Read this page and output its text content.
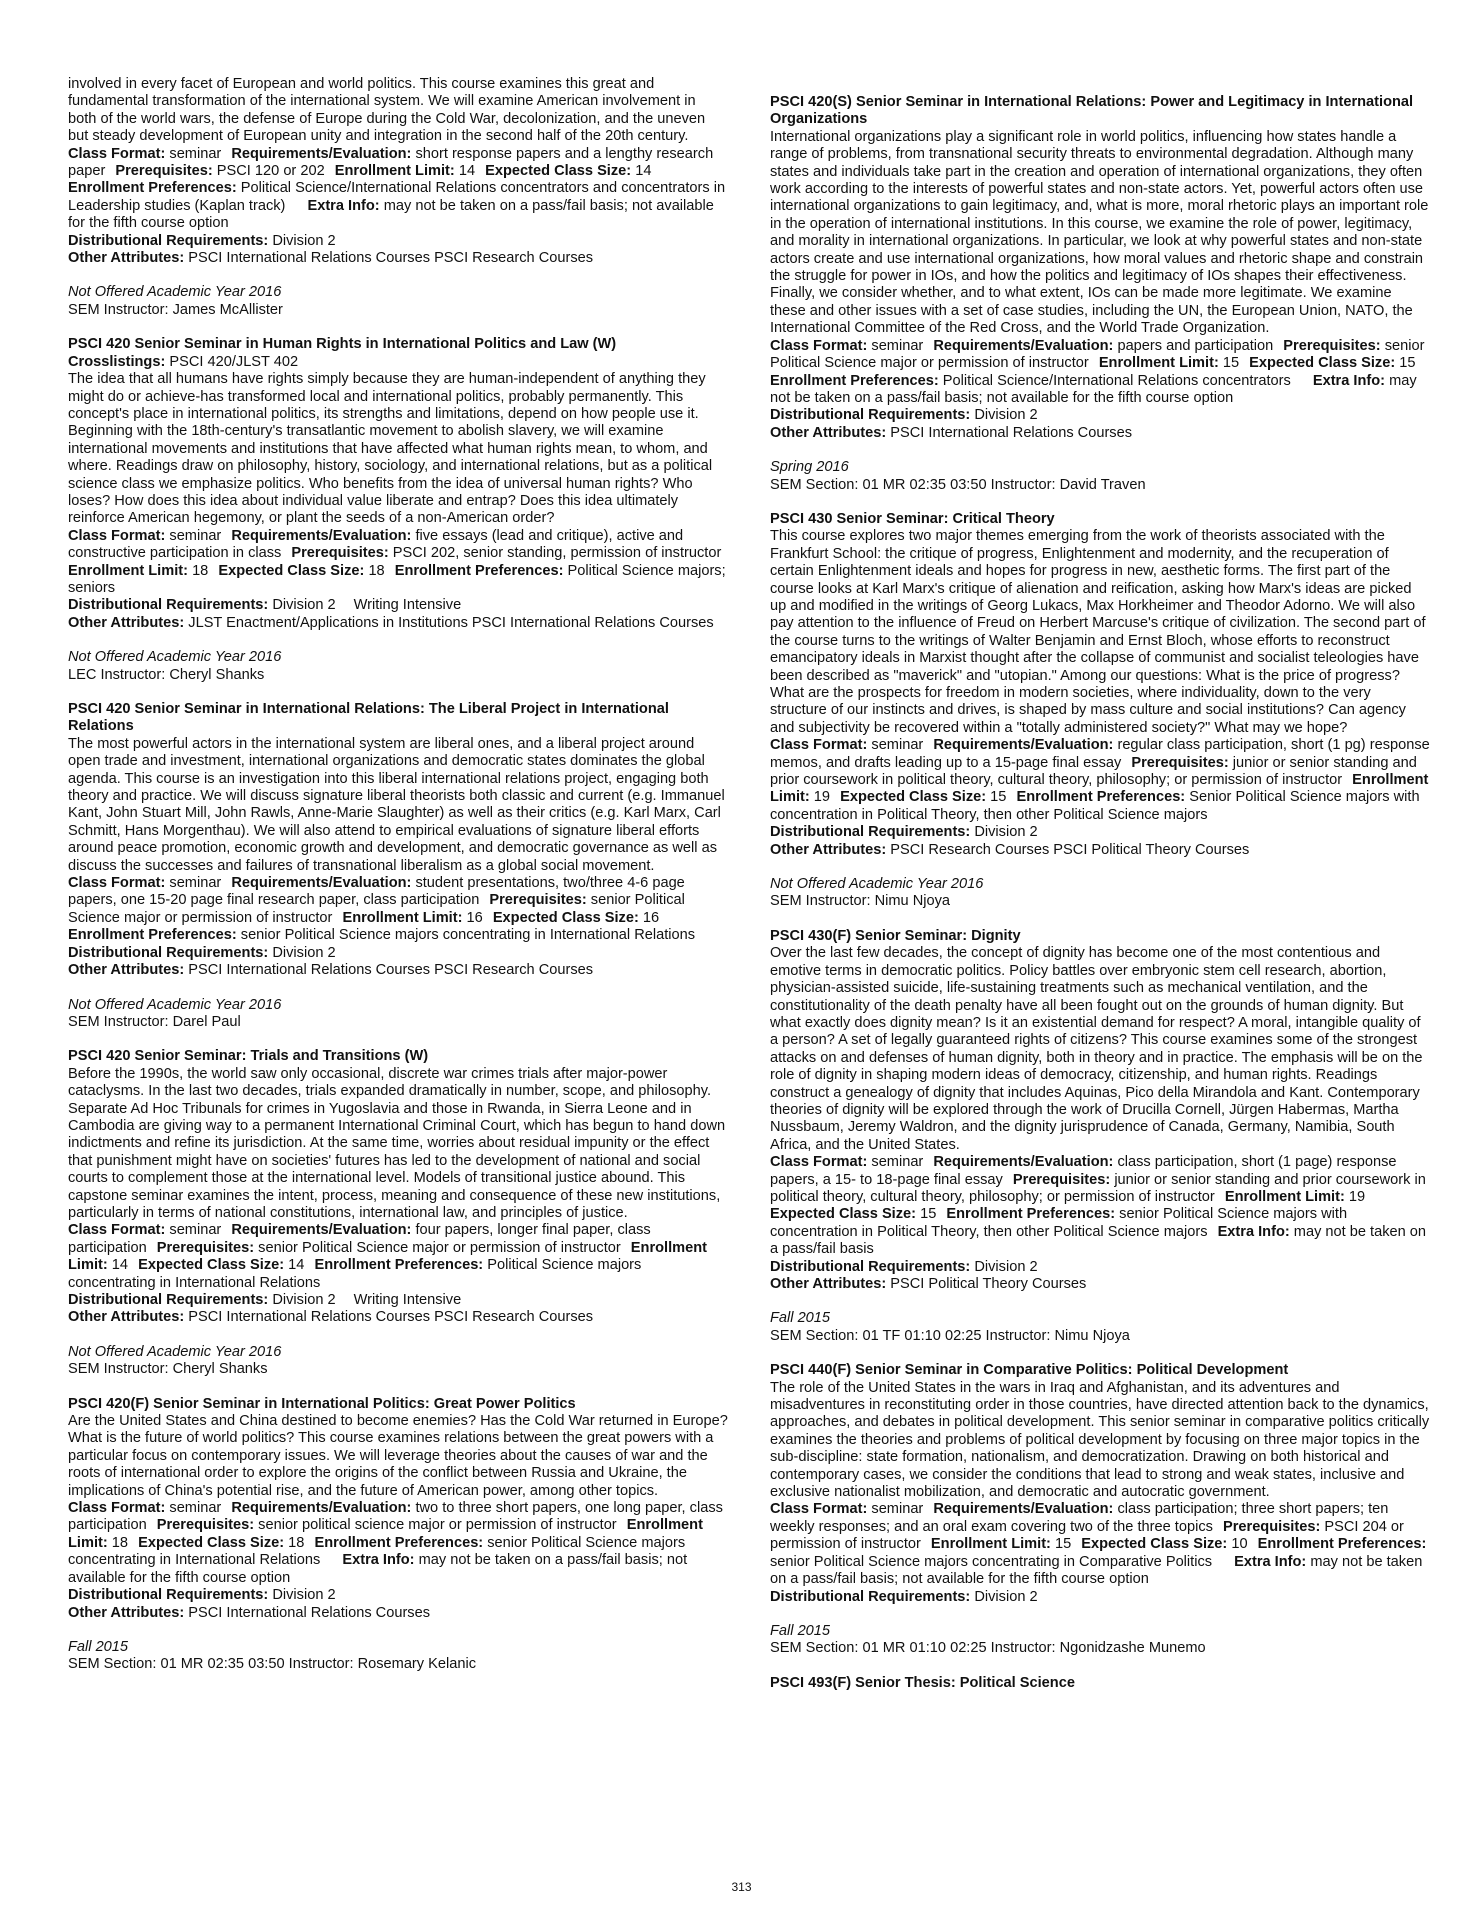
involved in every facet of European and world politics. This course examines this great and fundamental transformation of the international system. We will examine American involvement in both of the world wars, the defense of Europe during the Cold War, decolonization, and the uneven but steady development of European unity and integration in the second half of the 20th century.

Class Format: seminar Requirements/Evaluation: short response papers and a lengthy research paper Prerequisites: PSCI 120 or 202 Enrollment Limit: 14 Expected Class Size: 14 Enrollment Preferences: Political Science/International Relations concentrators and concentrators in Leadership studies (Kaplan track) Extra Info: may not be taken on a pass/fail basis; not available for the fifth course option

Distributional Requirements: Division 2

Other Attributes: PSCI International Relations Courses PSCI Research Courses

Not Offered Academic Year 2016

SEM Instructor: James McAllister

PSCI 420 Senior Seminar in Human Rights in International Politics and Law (W)

Crosslistings: PSCI 420/JLST 402

The idea that all humans have rights simply because they are human-independent of anything they might do or achieve-has transformed local and international politics, probably permanently. This concept's place in international politics, its strengths and limitations, depend on how people use it. Beginning with the 18th-century's transatlantic movement to abolish slavery, we will examine international movements and institutions that have affected what human rights mean, to whom, and where. Readings draw on philosophy, history, sociology, and international relations, but as a political science class we emphasize politics. Who benefits from the idea of universal human rights? Who loses? How does this idea about individual value liberate and entrap? Does this idea ultimately reinforce American hegemony, or plant the seeds of a non-American order?

Class Format: seminar Requirements/Evaluation: five essays (lead and critique), active and constructive participation in class Prerequisites: PSCI 202, senior standing, permission of instructor Enrollment Limit: 18 Expected Class Size: 18 Enrollment Preferences: Political Science majors; seniors

Distributional Requirements: Division 2 Writing Intensive

Other Attributes: JLST Enactment/Applications in Institutions PSCI International Relations Courses

Not Offered Academic Year 2016

LEC Instructor: Cheryl Shanks

PSCI 420 Senior Seminar in International Relations: The Liberal Project in International Relations

The most powerful actors in the international system are liberal ones, and a liberal project around open trade and investment, international organizations and democratic states dominates the global agenda. This course is an investigation into this liberal international relations project, engaging both theory and practice. We will discuss signature liberal theorists both classic and current (e.g. Immanuel Kant, John Stuart Mill, John Rawls, Anne-Marie Slaughter) as well as their critics (e.g. Karl Marx, Carl Schmitt, Hans Morgenthau). We will also attend to empirical evaluations of signature liberal efforts around peace promotion, economic growth and development, and democratic governance as well as discuss the successes and failures of transnational liberalism as a global social movement.

Class Format: seminar Requirements/Evaluation: student presentations, two/three 4-6 page papers, one 15-20 page final research paper, class participation Prerequisites: senior Political Science major or permission of instructor Enrollment Limit: 16 Expected Class Size: 16 Enrollment Preferences: senior Political Science majors concentrating in International Relations

Distributional Requirements: Division 2

Other Attributes: PSCI International Relations Courses PSCI Research Courses

Not Offered Academic Year 2016

SEM Instructor: Darel Paul

PSCI 420 Senior Seminar: Trials and Transitions (W)

Before the 1990s, the world saw only occasional, discrete war crimes trials after major-power cataclysms. In the last two decades, trials expanded dramatically in number, scope, and philosophy. Separate Ad Hoc Tribunals for crimes in Yugoslavia and those in Rwanda, in Sierra Leone and in Cambodia are giving way to a permanent International Criminal Court, which has begun to hand down indictments and refine its jurisdiction. At the same time, worries about residual impunity or the effect that punishment might have on societies' futures has led to the development of national and social courts to complement those at the international level. Models of transitional justice abound. This capstone seminar examines the intent, process, meaning and consequence of these new institutions, particularly in terms of national constitutions, international law, and principles of justice.

Class Format: seminar Requirements/Evaluation: four papers, longer final paper, class participation Prerequisites: senior Political Science major or permission of instructor Enrollment Limit: 14 Expected Class Size: 14 Enrollment Preferences: Political Science majors concentrating in International Relations

Distributional Requirements: Division 2 Writing Intensive

Other Attributes: PSCI International Relations Courses PSCI Research Courses

Not Offered Academic Year 2016

SEM Instructor: Cheryl Shanks

PSCI 420(F) Senior Seminar in International Politics: Great Power Politics

Are the United States and China destined to become enemies? Has the Cold War returned in Europe? What is the future of world politics? This course examines relations between the great powers with a particular focus on contemporary issues. We will leverage theories about the causes of war and the roots of international order to explore the origins of the conflict between Russia and Ukraine, the implications of China's potential rise, and the future of American power, among other topics.

Class Format: seminar Requirements/Evaluation: two to three short papers, one long paper, class participation Prerequisites: senior political science major or permission of instructor Enrollment Limit: 18 Expected Class Size: 18 Enrollment Preferences: senior Political Science majors concentrating in International Relations Extra Info: may not be taken on a pass/fail basis; not available for the fifth course option

Distributional Requirements: Division 2

Other Attributes: PSCI International Relations Courses

Fall 2015

SEM Section: 01 MR 02:35 03:50 Instructor: Rosemary Kelanic

PSCI 420(S) Senior Seminar in International Relations: Power and Legitimacy in International Organizations

International organizations play a significant role in world politics, influencing how states handle a range of problems, from transnational security threats to environmental degradation. Although many states and individuals take part in the creation and operation of international organizations, they often work according to the interests of powerful states and non-state actors. Yet, powerful actors often use international organizations to gain legitimacy, and, what is more, moral rhetoric plays an important role in the operation of international institutions. In this course, we examine the role of power, legitimacy, and morality in international organizations. In particular, we look at why powerful states and non-state actors create and use international organizations, how moral values and rhetoric shape and constrain the struggle for power in IOs, and how the politics and legitimacy of IOs shapes their effectiveness. Finally, we consider whether, and to what extent, IOs can be made more legitimate. We examine these and other issues with a set of case studies, including the UN, the European Union, NATO, the International Committee of the Red Cross, and the World Trade Organization.

Class Format: seminar Requirements/Evaluation: papers and participation Prerequisites: senior Political Science major or permission of instructor Enrollment Limit: 15 Expected Class Size: 15 Enrollment Preferences: Political Science/International Relations concentrators Extra Info: may not be taken on a pass/fail basis; not available for the fifth course option

Distributional Requirements: Division 2

Other Attributes: PSCI International Relations Courses

Spring 2016

SEM Section: 01 MR 02:35 03:50 Instructor: David Traven

PSCI 430 Senior Seminar: Critical Theory

This course explores two major themes emerging from the work of theorists associated with the Frankfurt School: the critique of progress, Enlightenment and modernity, and the recuperation of certain Enlightenment ideals and hopes for progress in new, aesthetic forms. The first part of the course looks at Karl Marx's critique of alienation and reification, asking how Marx's ideas are picked up and modified in the writings of Georg Lukacs, Max Horkheimer and Theodor Adorno. We will also pay attention to the influence of Freud on Herbert Marcuse's critique of civilization. The second part of the course turns to the writings of Walter Benjamin and Ernst Bloch, whose efforts to reconstruct emancipatory ideals in Marxist thought after the collapse of communist and socialist teleologies have been described as "maverick" and "utopian." Among our questions: What is the price of progress? What are the prospects for freedom in modern societies, where individuality, down to the very structure of our instincts and drives, is shaped by mass culture and social institutions? Can agency and subjectivity be recovered within a "totally administered society?" What may we hope?

Class Format: seminar Requirements/Evaluation: regular class participation, short (1 pg) response memos, and drafts leading up to a 15-page final essay Prerequisites: junior or senior standing and prior coursework in political theory, cultural theory, philosophy; or permission of instructor Enrollment Limit: 19 Expected Class Size: 15 Enrollment Preferences: Senior Political Science majors with concentration in Political Theory, then other Political Science majors

Distributional Requirements: Division 2

Other Attributes: PSCI Research Courses PSCI Political Theory Courses

Not Offered Academic Year 2016

SEM Instructor: Nimu Njoya

PSCI 430(F) Senior Seminar: Dignity

Over the last few decades, the concept of dignity has become one of the most contentious and emotive terms in democratic politics. Policy battles over embryonic stem cell research, abortion, physician-assisted suicide, life-sustaining treatments such as mechanical ventilation, and the constitutionality of the death penalty have all been fought out on the grounds of human dignity. But what exactly does dignity mean? Is it an existential demand for respect? A moral, intangible quality of a person? A set of legally guaranteed rights of citizens? This course examines some of the strongest attacks on and defenses of human dignity, both in theory and in practice. The emphasis will be on the role of dignity in shaping modern ideas of democracy, citizenship, and human rights. Readings construct a genealogy of dignity that includes Aquinas, Pico della Mirandola and Kant. Contemporary theories of dignity will be explored through the work of Drucilla Cornell, Jürgen Habermas, Martha Nussbaum, Jeremy Waldron, and the dignity jurisprudence of Canada, Germany, Namibia, South Africa, and the United States.

Class Format: seminar Requirements/Evaluation: class participation, short (1 page) response papers, a 15- to 18-page final essay Prerequisites: junior or senior standing and prior coursework in political theory, cultural theory, philosophy; or permission of instructor Enrollment Limit: 19 Expected Class Size: 15 Enrollment Preferences: senior Political Science majors with concentration in Political Theory, then other Political Science majors Extra Info: may not be taken on a pass/fail basis

Distributional Requirements: Division 2

Other Attributes: PSCI Political Theory Courses

Fall 2015

SEM Section: 01 TF 01:10 02:25 Instructor: Nimu Njoya

PSCI 440(F) Senior Seminar in Comparative Politics: Political Development

The role of the United States in the wars in Iraq and Afghanistan, and its adventures and misadventures in reconstituting order in those countries, have directed attention back to the dynamics, approaches, and debates in political development. This senior seminar in comparative politics critically examines the theories and problems of political development by focusing on three major topics in the sub-discipline: state formation, nationalism, and democratization. Drawing on both historical and contemporary cases, we consider the conditions that lead to strong and weak states, inclusive and exclusive nationalist mobilization, and democratic and autocratic government.

Class Format: seminar Requirements/Evaluation: class participation; three short papers; ten weekly responses; and an oral exam covering two of the three topics Prerequisites: PSCI 204 or permission of instructor Enrollment Limit: 15 Expected Class Size: 10 Enrollment Preferences: senior Political Science majors concentrating in Comparative Politics Extra Info: may not be taken on a pass/fail basis; not available for the fifth course option

Distributional Requirements: Division 2

Fall 2015

SEM Section: 01 MR 01:10 02:25 Instructor: Ngonidzashe Munemo

PSCI 493(F) Senior Thesis: Political Science

313
